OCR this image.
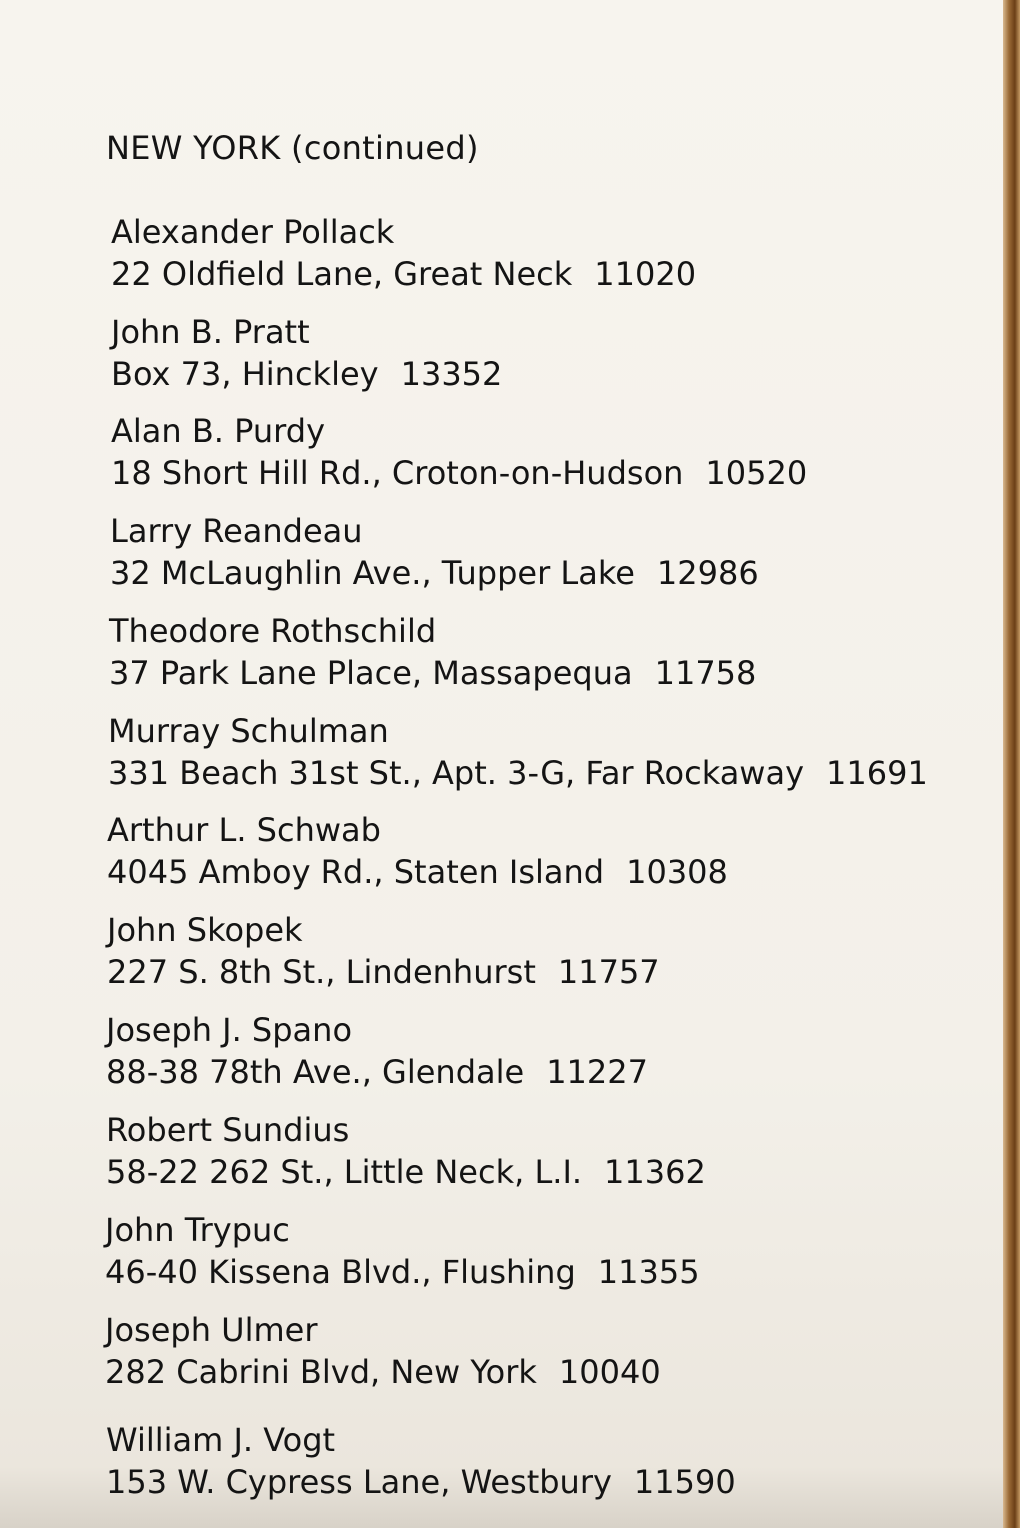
NEW YORK (continued)
Alexander Pollack
22 Oldfield Lane, Great Neck 11020
John B. Pratt
Box 73, Hinckley 13352
Alan B. Purdy
18 Short Hill Rd., Croton-on-Hudson 10520
Larry Reandeau
32 McLaughlin Ave., Tupper Lake 12986
Theodore Rothschild
37 Park Lane Place, Massapequa 11758
Murray Schulman
331 Beach 31st St., Apt. 3-G, Far Rockaway 11691
Arthur L. Schwab
4045 Amboy Rd., Staten Island 10308
John Skopek
227 S. 8th St., Lindenhurst 11757
Joseph J. Spano
88-38 78th Ave., Glendale 11227
Robert Sundius
58-22 262 St., Little Neck, L.I. 11362
John Trypuc
46-40 Kissena Blvd., Flushing 11355
Joseph Ulmer
282 Cabrini Blvd, New York 10040
William J. Vogt
153 W. Cypress Lane, Westbury 11590
